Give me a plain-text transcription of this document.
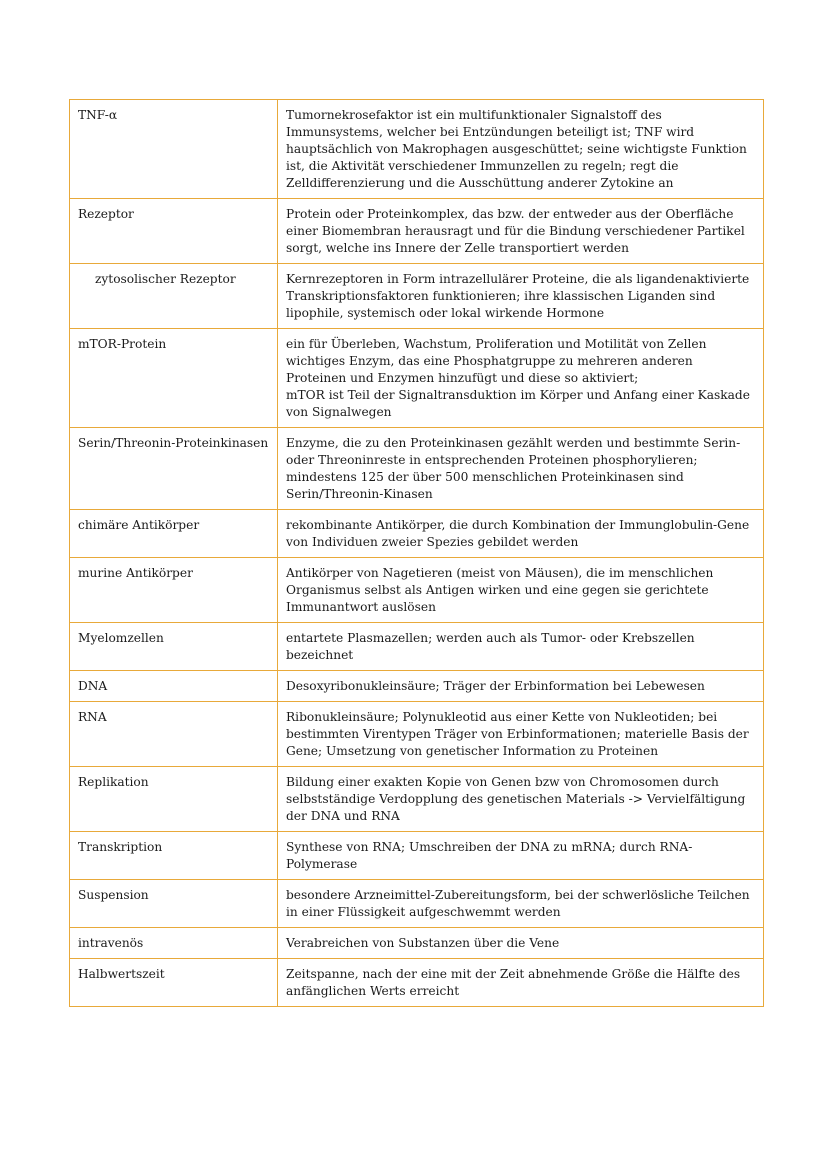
TNF-α	Tumornekrosefaktor ist ein multifunktionaler Signalstoff des Immunsystems, welcher bei Entzündungen beteiligt ist; TNF wird hauptsächlich von Makrophagen ausgeschüttet; seine wichtigste Funktion ist, die Aktivität verschiedener Immunzellen zu regeln; regt die Zelldifferenzierung und die Ausschüttung anderer Zytokine an
Rezeptor	Protein oder Proteinkomplex, das bzw. der entweder aus der Oberfläche einer Biomembran herausragt und für die Bindung verschiedener Partikel sorgt, welche ins Innere der Zelle transportiert werden
zytosolischer Rezeptor	Kernrezeptoren in Form intrazellulärer Proteine, die als ligandenaktivierte Transkriptionsfaktoren funktionieren; ihre klassischen Liganden sind lipophile, systemisch oder lokal wirkende Hormone
mTOR-Protein	ein für Überleben, Wachstum, Proliferation und Motilität von Zellen wichtiges Enzym, das eine Phosphatgruppe zu mehreren anderen Proteinen und Enzymen hinzufügt und diese so aktiviert;
mTOR ist Teil der Signaltransduktion im Körper und Anfang einer Kaskade von Signalwegen
Serin/Threonin-Proteinkinasen	Enzyme, die zu den Proteinkinasen gezählt werden und bestimmte Serin- oder Threoninreste in entsprechenden Proteinen phosphorylieren; mindestens 125 der über 500 menschlichen Proteinkinasen sind Serin/Threonin-Kinasen
chimäre Antikörper	rekombinante Antikörper, die durch Kombination der Immunglobulin-Gene von Individuen zweier Spezies gebildet werden
murine Antikörper	Antikörper von Nagetieren (meist von Mäusen), die im menschlichen Organismus selbst als Antigen wirken und eine gegen sie gerichtete Immunantwort auslösen
Myelomzellen	entartete Plasmazellen; werden auch als Tumor- oder Krebszellen bezeichnet
DNA	Desoxyribonukleinsäure; Träger der Erbinformation bei Lebewesen
RNA	Ribonukleinsäure; Polynukleotid aus einer Kette von Nukleotiden; bei bestimmten Virentypen Träger von Erbinformationen; materielle Basis der Gene; Umsetzung von genetischer Information zu Proteinen
Replikation	Bildung einer exakten Kopie von Genen bzw von Chromosomen durch selbstständige Verdopplung des genetischen Materials -> Vervielfältigung der DNA und RNA
Transkription	Synthese von RNA; Umschreiben der DNA zu mRNA; durch RNA- Polymerase
Suspension	besondere Arzneimittel-Zubereitungsform, bei der schwerlösliche Teilchen in einer Flüssigkeit aufgeschwemmt werden
intravenös	Verabreichen von Substanzen über die Vene
Halbwertszeit	Zeitspanne, nach der eine mit der Zeit abnehmende Größe die Hälfte des anfänglichen Werts erreicht
